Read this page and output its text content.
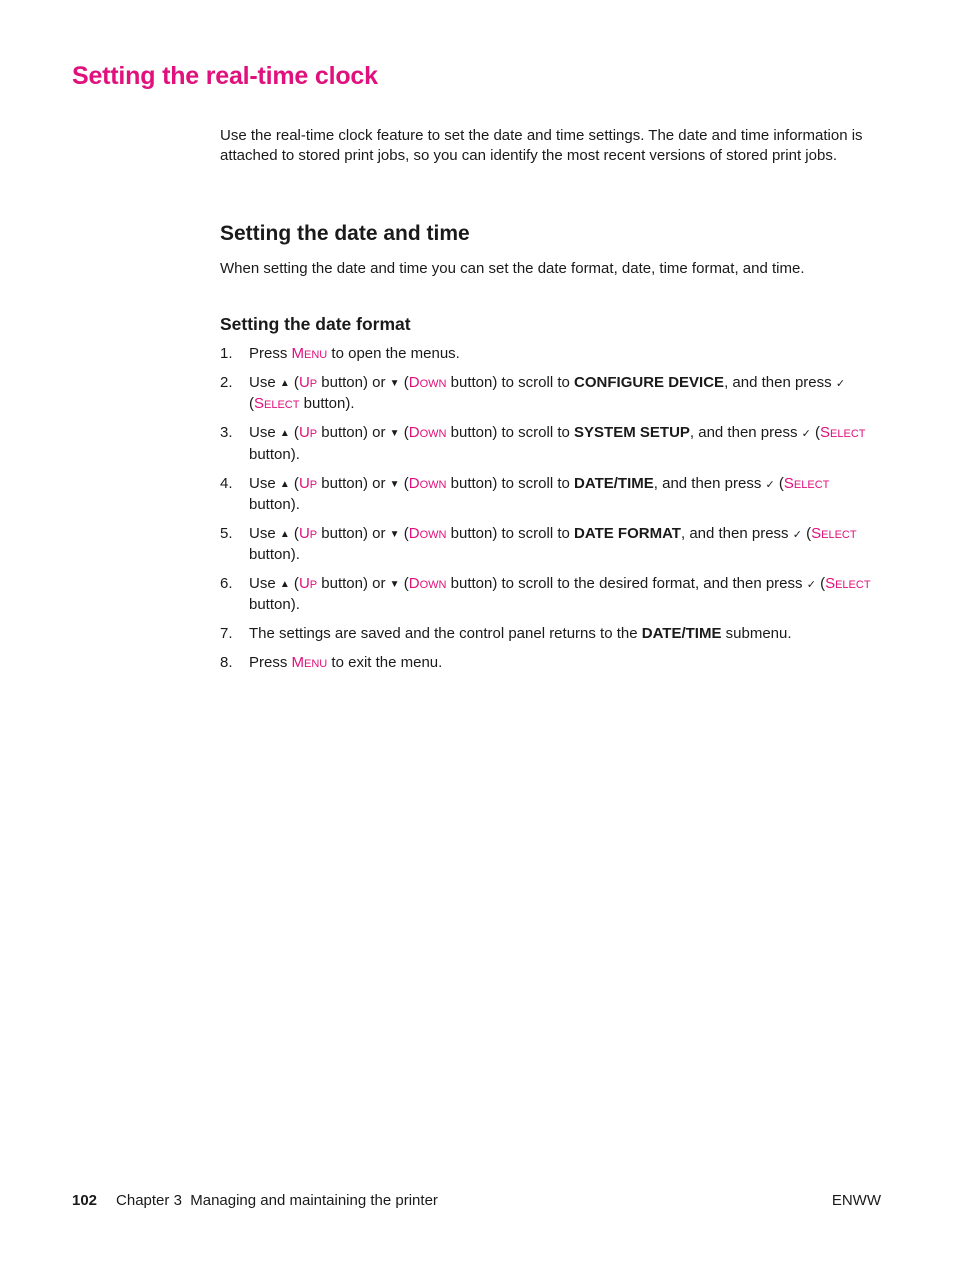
Setting the real-time clock

Use the real-time clock feature to set the date and time settings. The date and time information is attached to stored print jobs, so you can identify the most recent versions of stored print jobs.

Setting the date and time

When setting the date and time you can set the date format, date, time format, and time.

Setting the date format
1. Press Menu to open the menus.
2. Use ▲ (Up button) or ▼ (Down button) to scroll to CONFIGURE DEVICE, and then press ✓ (Select button).
3. Use ▲ (Up button) or ▼ (Down button) to scroll to SYSTEM SETUP, and then press ✓ (Select button).
4. Use ▲ (Up button) or ▼ (Down button) to scroll to DATE/TIME, and then press ✓ (Select button).
5. Use ▲ (Up button) or ▼ (Down button) to scroll to DATE FORMAT, and then press ✓ (Select button).
6. Use ▲ (Up button) or ▼ (Down button) to scroll to the desired format, and then press ✓ (Select button).
7. The settings are saved and the control panel returns to the DATE/TIME submenu.
8. Press Menu to exit the menu.
102 Chapter 3  Managing and maintaining the printer	ENWW
